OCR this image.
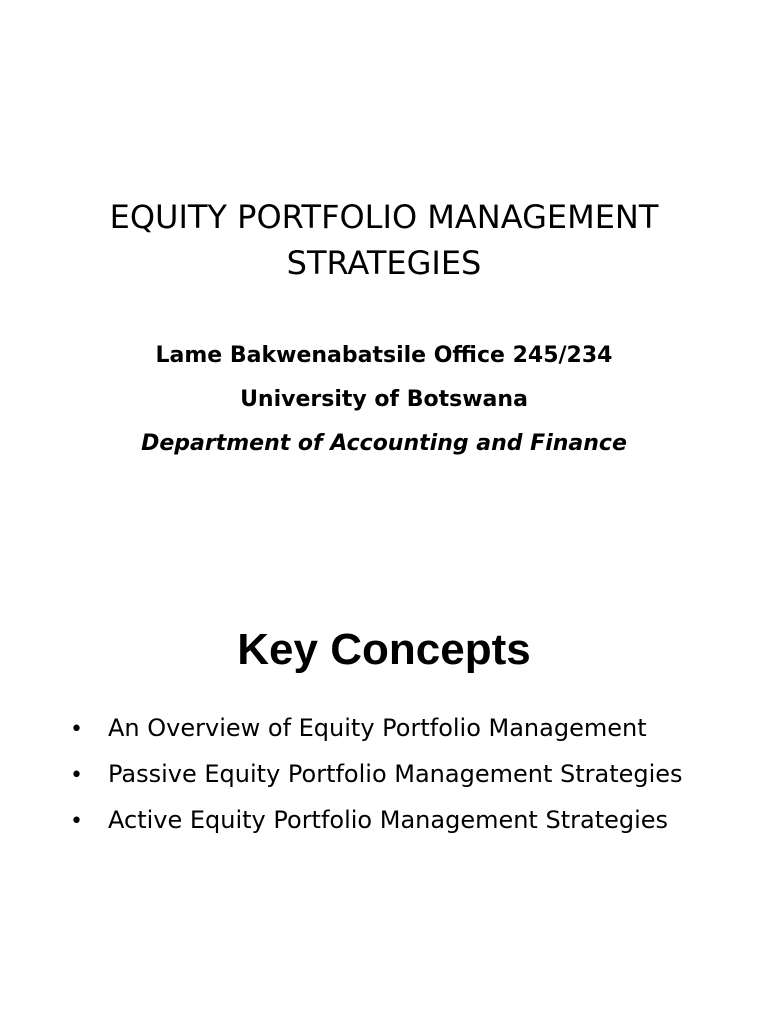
EQUITY PORTFOLIO MANAGEMENT
STRATEGIES
Lame Bakwenabatsile Office 245/234
University of Botswana
Department of Accounting and Finance
Key Concepts
•	An Overview of Equity Portfolio Management
•	Passive Equity Portfolio Management Strategies
•	Active Equity Portfolio Management Strategies
